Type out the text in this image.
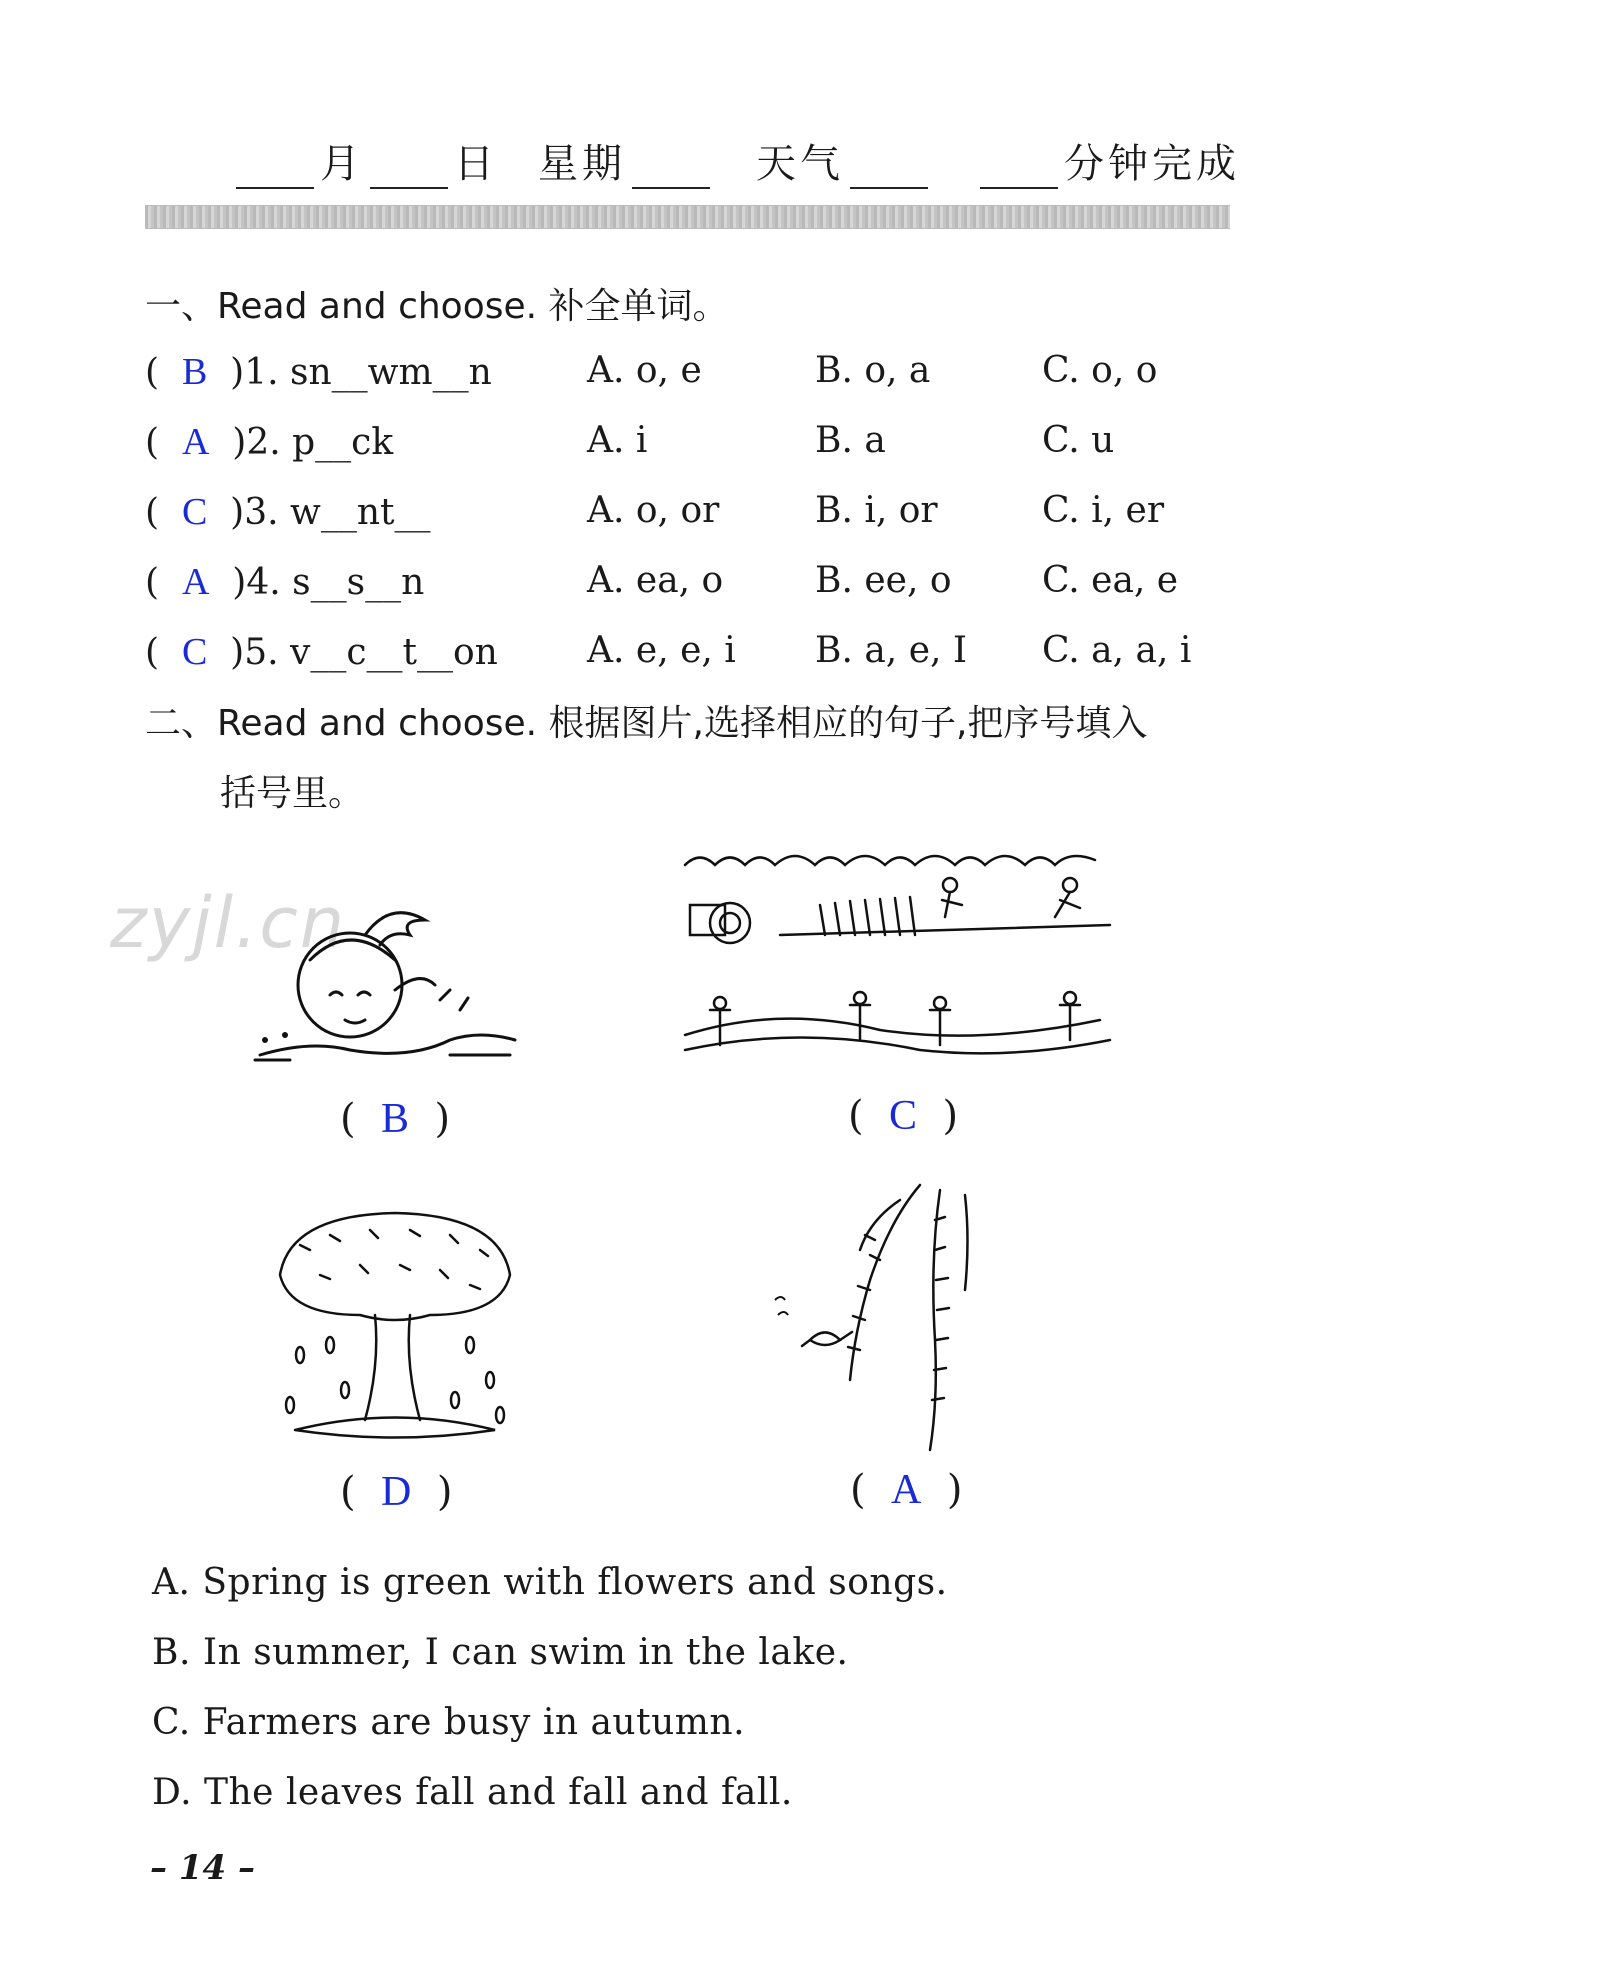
月 日 星期	天气	分钟完成
一、Read and choose. 补全单词。
(  B  )1. sn__wm__n	A. o, e	B. o, a	C. o, o
(  A  )2. p__ck	A. i	B. a	C. u
(  C  )3. w__nt__	A. o, or	B. i, or	C. i, er
(  A  )4. s__s__n	A. ea, o	B. ee, o	C. ea, e
(  C  )5. v__c__t__on A. e, e, i B. a, e, I C. a, a, i
二、Read and choose. 根据图片,选择相应的句子,把序号填入
括号里。
zyjl.cn
(  B  )	(  C  )
(  D  )	(  A  )
A. Spring is green with flowers and songs.
B. In summer, I can swim in the lake.
C. Farmers are busy in autumn.
D. The leaves fall and fall and fall.
– 14 –
